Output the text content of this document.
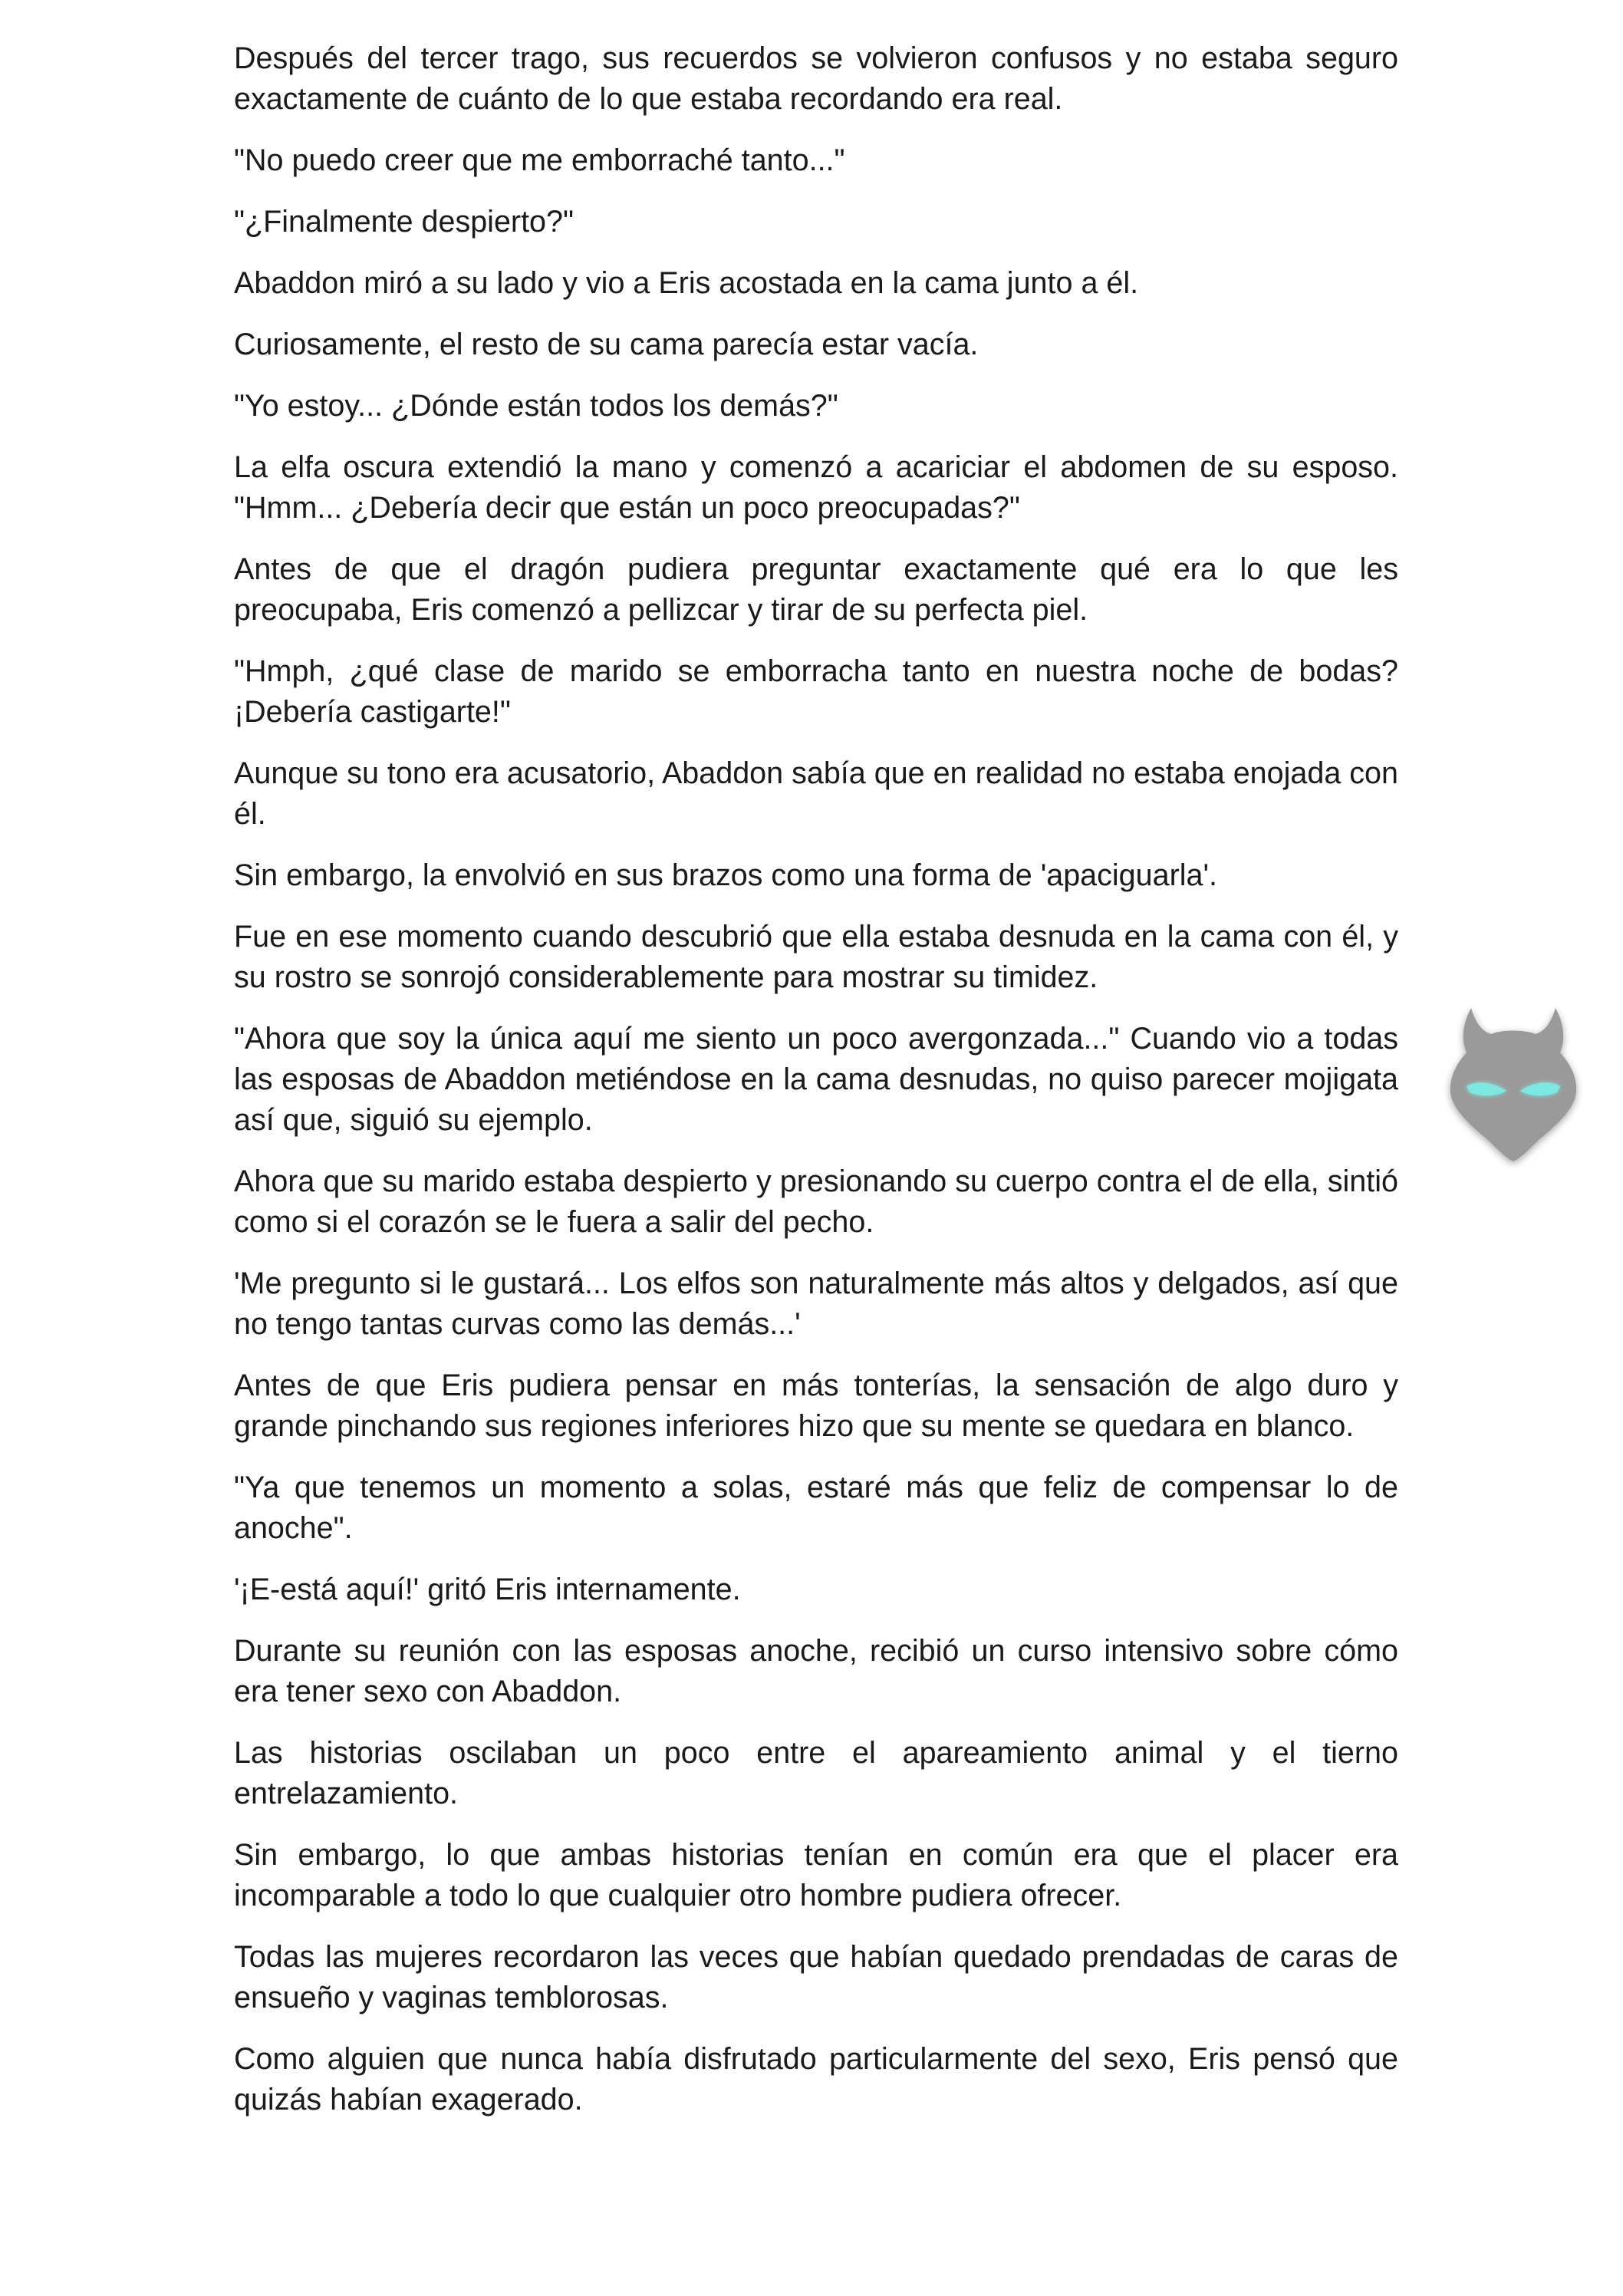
Después del tercer trago, sus recuerdos se volvieron confusos y no estaba seguro exactamente de cuánto de lo que estaba recordando era real.

"No puedo creer que me emborraché tanto..."

"¿Finalmente despierto?"

Abaddon miró a su lado y vio a Eris acostada en la cama junto a él.

Curiosamente, el resto de su cama parecía estar vacía.

"Yo estoy... ¿Dónde están todos los demás?"

La elfa oscura extendió la mano y comenzó a acariciar el abdomen de su esposo. "Hmm... ¿Debería decir que están un poco preocupadas?"

Antes de que el dragón pudiera preguntar exactamente qué era lo que les preocupaba, Eris comenzó a pellizcar y tirar de su perfecta piel.

"Hmph, ¿qué clase de marido se emborracha tanto en nuestra noche de bodas? ¡Debería castigarte!"

Aunque su tono era acusatorio, Abaddon sabía que en realidad no estaba enojada con él.

Sin embargo, la envolvió en sus brazos como una forma de 'apaciguarla'.

Fue en ese momento cuando descubrió que ella estaba desnuda en la cama con él, y su rostro se sonrojó considerablemente para mostrar su timidez.

"Ahora que soy la única aquí me siento un poco avergonzada..." Cuando vio a todas las esposas de Abaddon metiéndose en la cama desnudas, no quiso parecer mojigata así que, siguió su ejemplo.

Ahora que su marido estaba despierto y presionando su cuerpo contra el de ella, sintió como si el corazón se le fuera a salir del pecho.

'Me pregunto si le gustará... Los elfos son naturalmente más altos y delgados, así que no tengo tantas curvas como las demás...'

Antes de que Eris pudiera pensar en más tonterías, la sensación de algo duro y grande pinchando sus regiones inferiores hizo que su mente se quedara en blanco.

"Ya que tenemos un momento a solas, estaré más que feliz de compensar lo de anoche".

'¡E-está aquí!' gritó Eris internamente.

Durante su reunión con las esposas anoche, recibió un curso intensivo sobre cómo era tener sexo con Abaddon.

Las historias oscilaban un poco entre el apareamiento animal y el tierno entrelazamiento.

Sin embargo, lo que ambas historias tenían en común era que el placer era incomparable a todo lo que cualquier otro hombre pudiera ofrecer.

Todas las mujeres recordaron las veces que habían quedado prendadas de caras de ensueño y vaginas temblorosas.

Como alguien que nunca había disfrutado particularmente del sexo, Eris pensó que quizás habían exagerado.
